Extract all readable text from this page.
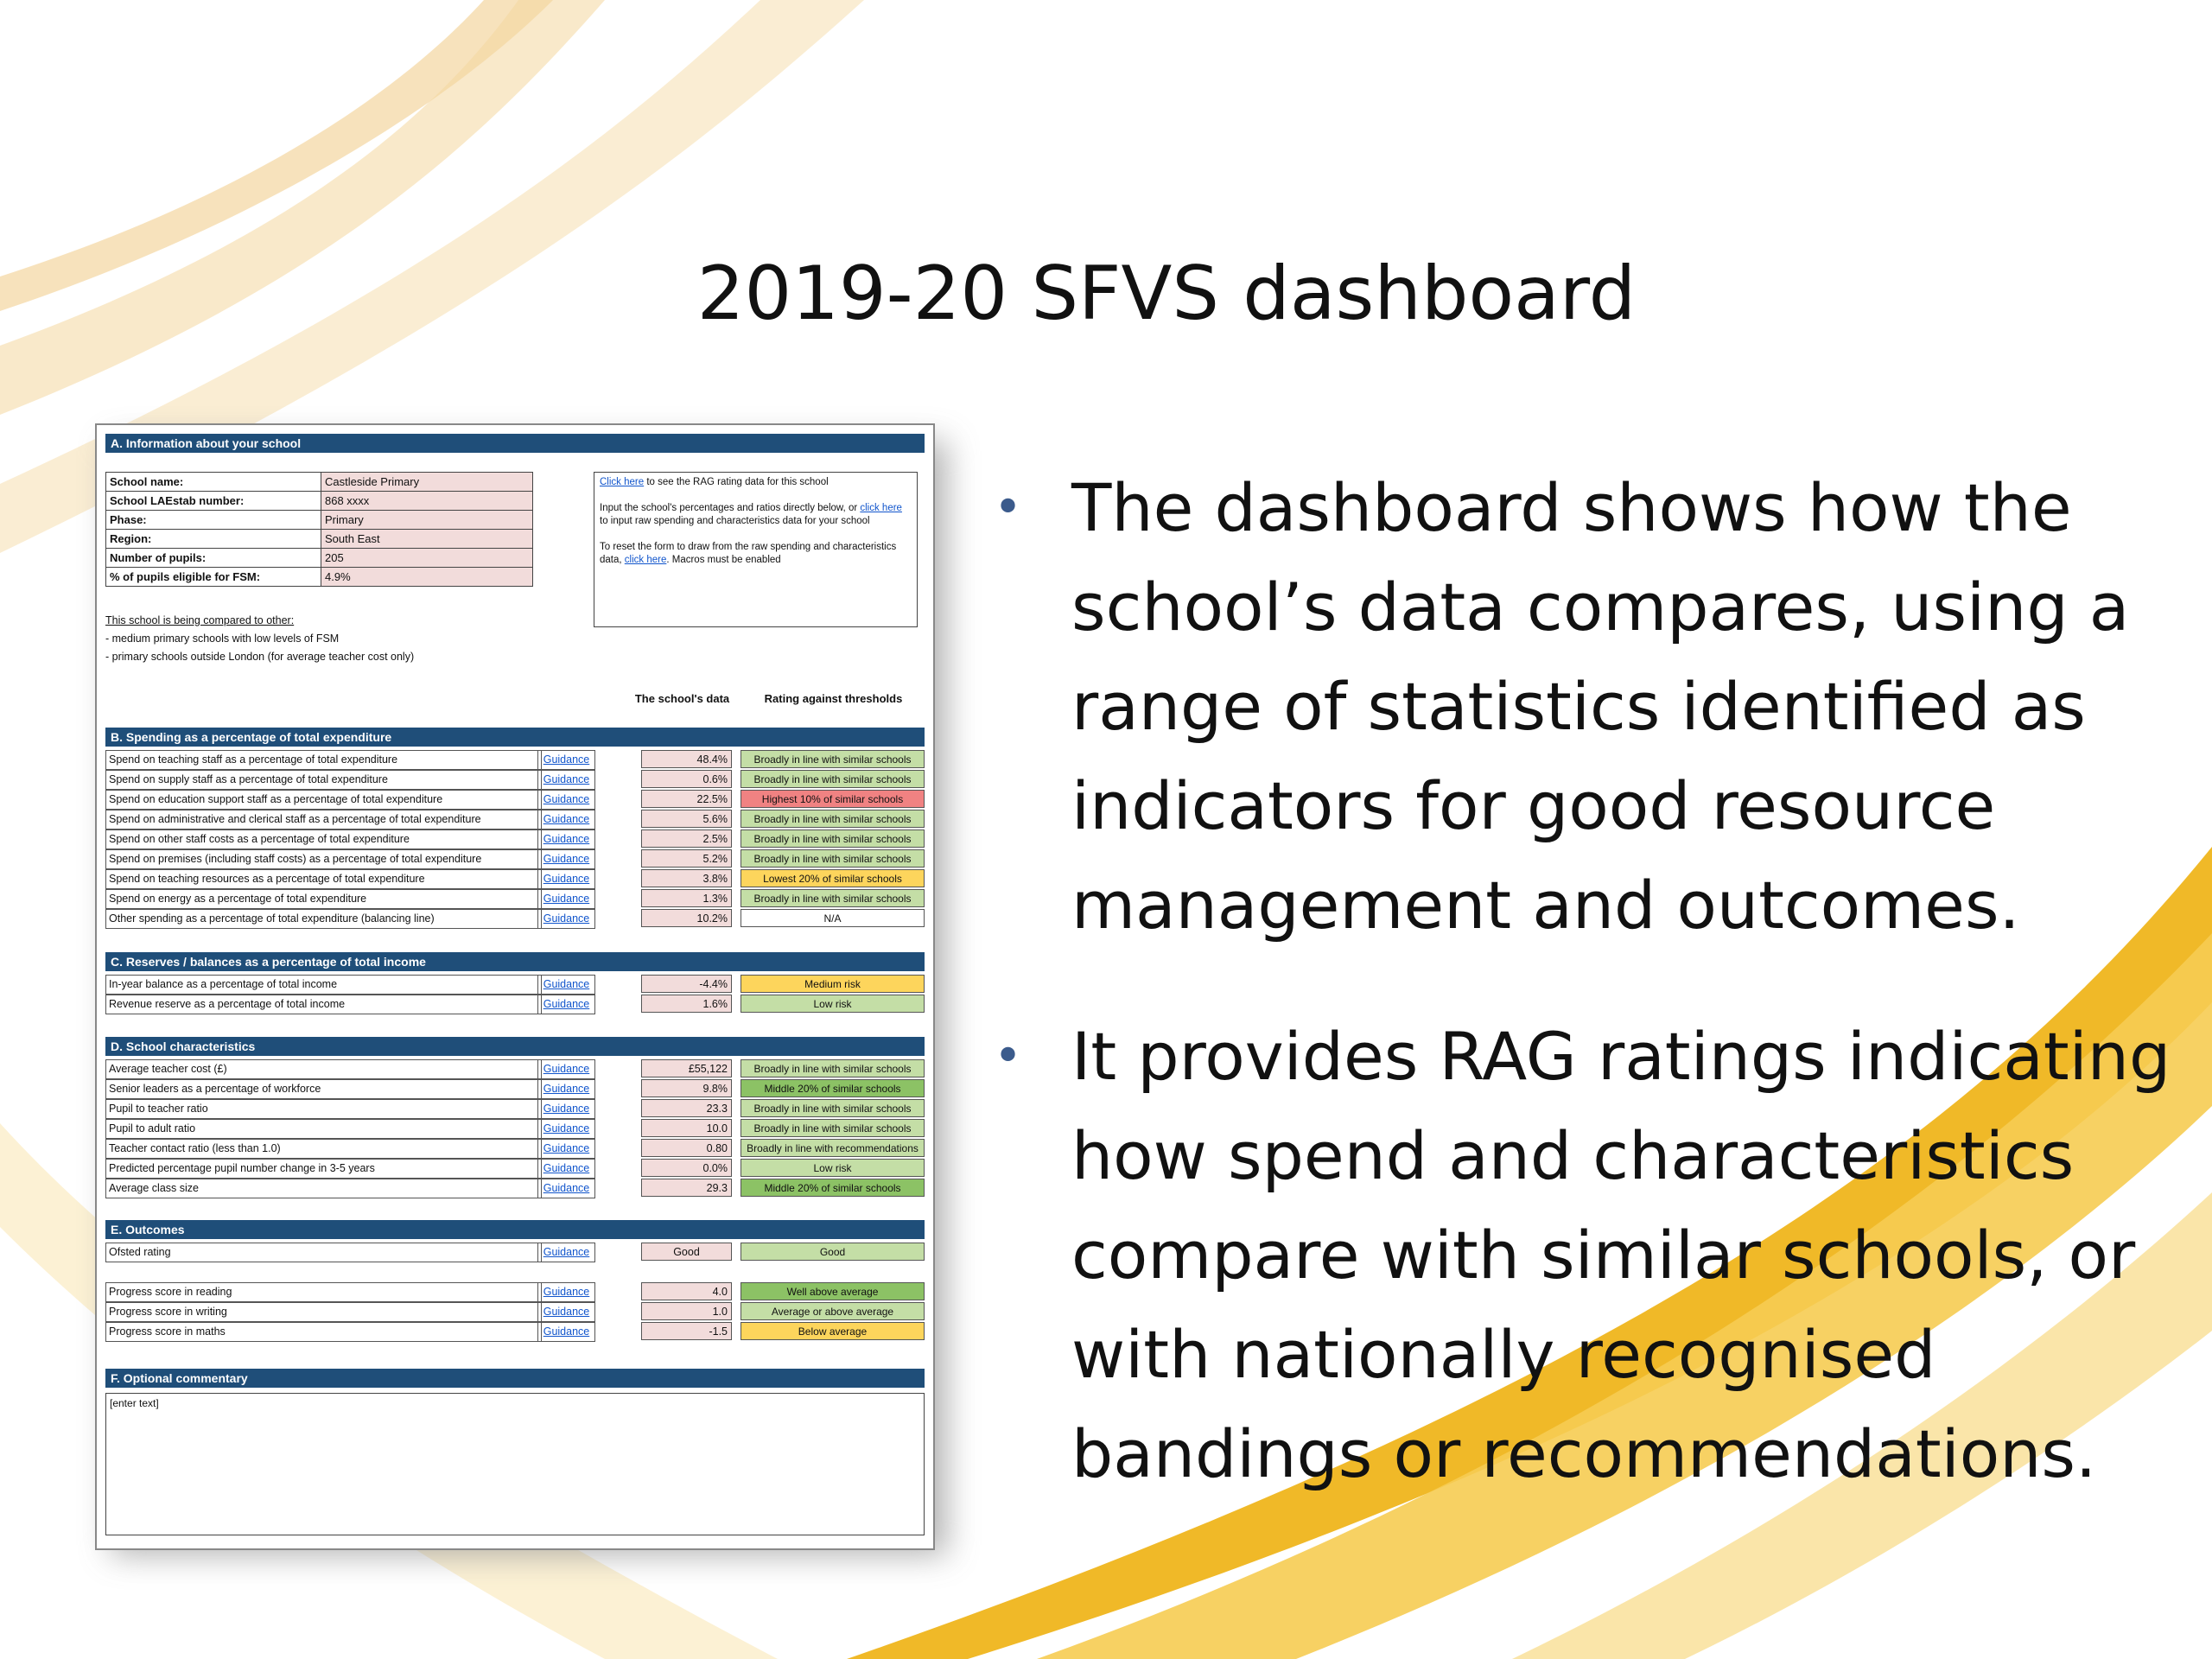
2019-20 SFVS dashboard
• The dashboard shows how the school’s data compares, using a range of statistics identified as indicators for good resource management and outcomes.
• It provides RAG ratings indicating how spend and characteristics compare with similar schools, or with nationally recognised bandings or recommendations.
A. Information about your school
School name:	Castleside Primary
School LAEstab number:	868 xxxx
Phase:	Primary
Region:	South East
Number of pupils:	205
% of pupils eligible for FSM:	4.9%
Click here to see the RAG rating data for this school

Input the school's percentages and ratios directly below, or click here to input raw spending and characteristics data for your school

To reset the form to draw from the raw spending and characteristics data, click here. Macros must be enabled
This school is being compared to other:
- medium primary schools with low levels of FSM
- primary schools outside London (for average teacher cost only)
The school's data	Rating against thresholds
B. Spending as a percentage of total expenditure
Spend on teaching staff as a percentage of total expenditure	Guidance	48.4%	Broadly in line with similar schools
Spend on supply staff as a percentage of total expenditure	Guidance	0.6%	Broadly in line with similar schools
Spend on education support staff as a percentage of total expenditure	Guidance	22.5%	Highest 10% of similar schools
Spend on administrative and clerical staff as a percentage of total expenditure	Guidance	5.6%	Broadly in line with similar schools
Spend on other staff costs as a percentage of total expenditure	Guidance	2.5%	Broadly in line with similar schools
Spend on premises (including staff costs) as a percentage of total expenditure	Guidance	5.2%	Broadly in line with similar schools
Spend on teaching resources as a percentage of total expenditure	Guidance	3.8%	Lowest 20% of similar schools
Spend on energy as a percentage of total expenditure	Guidance	1.3%	Broadly in line with similar schools
Other spending as a percentage of total expenditure (balancing line)	Guidance	10.2%	N/A
C. Reserves / balances as a percentage of total income
In-year balance as a percentage of total income	Guidance	-4.4%	Medium risk
Revenue reserve as a percentage of total income	Guidance	1.6%	Low risk
D. School characteristics
Average teacher cost (£)	Guidance	£55,122	Broadly in line with similar schools
Senior leaders as a percentage of workforce	Guidance	9.8%	Middle 20% of similar schools
Pupil to teacher ratio	Guidance	23.3	Broadly in line with similar schools
Pupil to adult ratio	Guidance	10.0	Broadly in line with similar schools
Teacher contact ratio (less than 1.0)	Guidance	0.80	Broadly in line with recommendations
Predicted percentage pupil number change in 3-5 years	Guidance	0.0%	Low risk
Average class size	Guidance	29.3	Middle 20% of similar schools
E. Outcomes
Ofsted rating	Guidance	Good	Good
Progress score in reading	Guidance	4.0	Well above average
Progress score in writing	Guidance	1.0	Average or above average
Progress score in maths	Guidance	-1.5	Below average
F. Optional commentary
[enter text]
